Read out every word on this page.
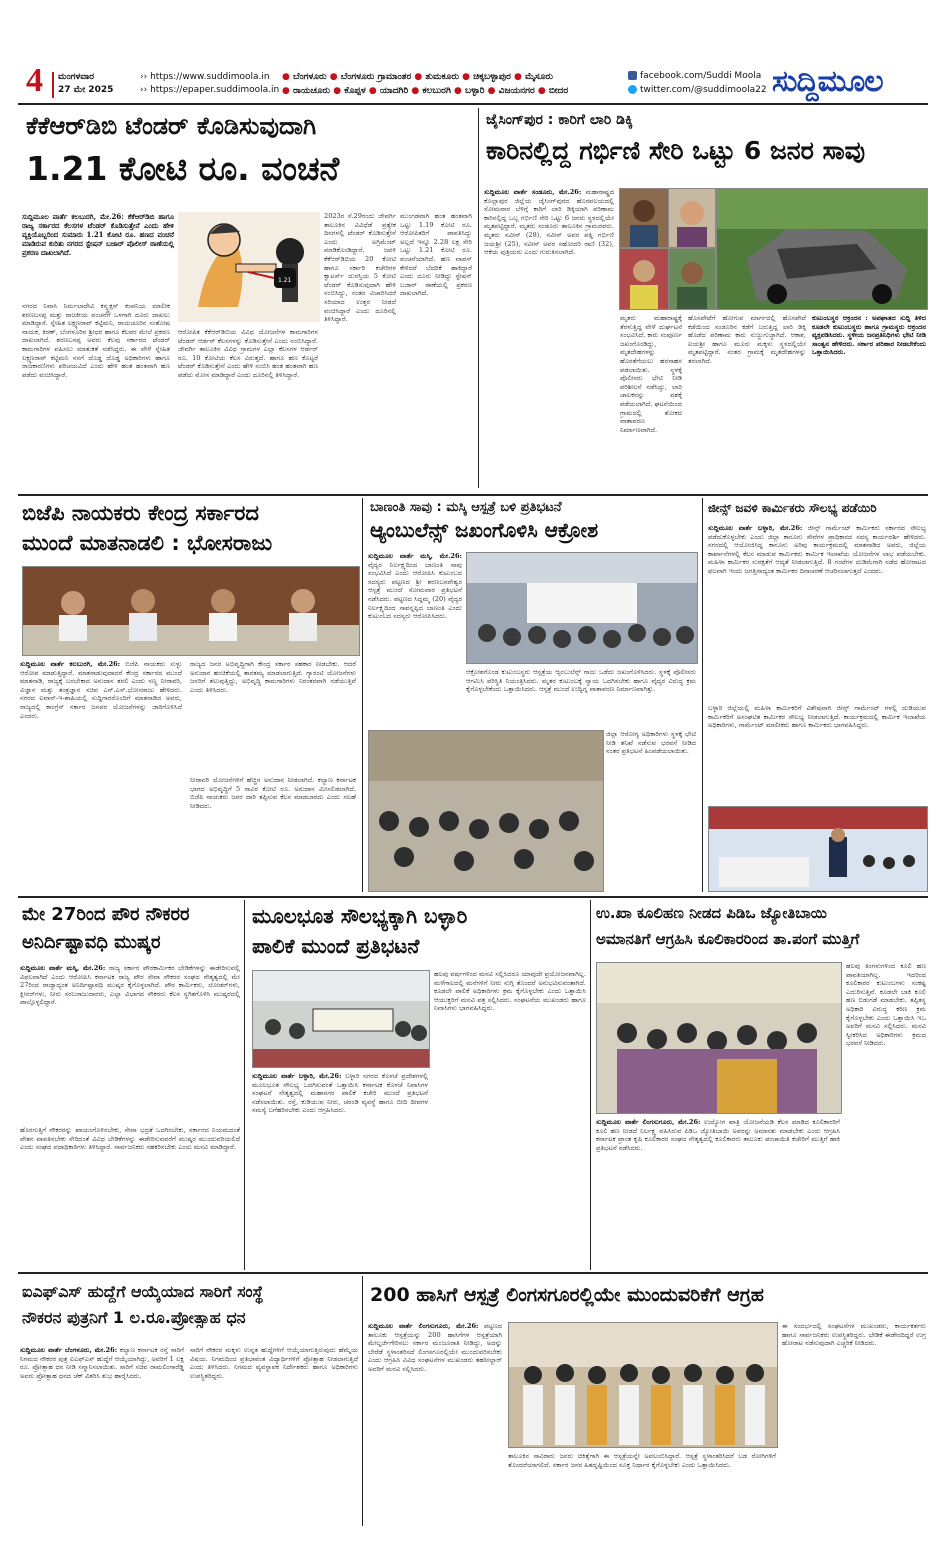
4 ಮಂಗಳವಾರ
27 ಮೇ 2025
›› https://www.suddimoola.in
›› https://epaper.suddimoola.in
● ಬೆಂಗಳೂರು ● ಬೆಂಗಳೂರು ಗ್ರಾಮಾಂತರ ● ತುಮಕೂರು ● ಚಿಕ್ಕಬಳ್ಳಾಪುರ ● ಮೈಸೂರು
● ರಾಯಚೂರು ● ಕೊಪ್ಪಳ ● ಯಾದಗಿರಿ ● ಕಲಬುರಗಿ ● ಬಳ್ಳಾರಿ ● ವಿಜಯನಗರ ● ಬೀದರ
facebook.com/Suddi Moola
twitter.com/@suddimoola22 ಸುದ್ದಿಮೂಲ
ಕೆಕೆಆರ್‌ಡಿಬಿ ಟೆಂಡರ್ ಕೊಡಿಸುವುದಾಗಿ
1.21 ಕೋಟಿ ರೂ. ವಂಚನೆ
ಸುದ್ದಿಮೂಲ ವಾರ್ತೆ ಕಲಬುರಗಿ, ಮೇ.26: ಕೆಕೆಆರ್‌ಡಿಬಿ ಹಾಗೂ ರಾಜ್ಯ ಸರ್ಕಾರದ ಕೆಲಸಗಳ ಟೆಂಡರ್ ಕೊಡಿಸುತ್ತೇನೆ ಎಂದು ಹೇಳಿ ವ್ಯಕ್ತಿಯೊಬ್ಬರಿಂದ ಸುಮಾರು 1.21 ಕೋಟಿ ರೂ. ಹಣದ ವಂಚನೆ ಮಾಡಿರುವ ಕುರಿತು ನಗರದ ಸ್ಟೇಷನ್ ಬಜಾರ್ ಪೊಲೀಸ್ ಠಾಣೆಯಲ್ಲಿ ಪ್ರಕರಣ ದಾಖಲಾಗಿದೆ.
1.21
ನಗರದ ನಿವಾಸಿ ನಿರ್ಮಲಾದೇವಿ ಕನ್ಸ್ಟ್ರಕ್ಷನ್ ಕಂಪನಿಯ ಮಾಲೀಕ ಶರಣಬಸಪ್ಪ ಮತ್ತು ರಾಜಕೀಯ ವಂಚನೆಗೆ ಒಳಗಾಗಿ ದೂರು ದಾಖಲು ಮಾಡಿದ್ದಾರೆ. ಸ್ನೇಹಿತ ಲಕ್ಷ್ಮಣರಾವ್ ಕಟ್ಟಿಮನಿ, ರಾಯಚೂರಿನ ಸಂತೋಷ ನಾಯಕ, ಕಿರಣ್, ಬೆಂಗಳೂರಿನ ಶ್ರೀಧರ ಹಾಗೂ ಕೆಲವರ ಮೇಲೆ ಪ್ರಕರಣ ದಾಖಲಾಗಿದೆ. ಶರಣಬಸಪ್ಪ ಅವರು ಕೆಲವು ಸರ್ಕಾರದ ಟೆಂಡರ್ ಕಾಮಗಾರಿಗಳ ವಹಿಸಲು ಮಾತುಕತೆ ನಡೆಸಿದ್ದರು. ಈ ವೇಳೆ ಸ್ನೇಹಿತ ಲಕ್ಷ್ಮಣರಾವ್ ಕಟ್ಟಿಮನಿ ನನಗೆ ದೊಡ್ಡ ದೊಡ್ಡ ಅಧಿಕಾರಿಗಳು ಹಾಗೂ ರಾಜಕಾರಣಿಗಳು ಪರಿಚಯವಿದೆ ಎಂದು ಹೇಳಿ ಹಂತ ಹಂತವಾಗಿ ಹಣ ಪಡೆದು ವಂಚಿಸಿದ್ದಾರೆ.
ಆರೋಪಿತ ಕೆಕೆಆರ್‌ಡಿಬಿಯ ವಿವಿಧ ಯೋಜನೆಗಳ ಕಾಮಗಾರಿಗಳ ಟೆಂಡರ್ ಆರ್ಡರ್ ಕೆಲಸಗಳನ್ನು ಕೊಡಿಸುತ್ತೇನೆ ಎಂದು ನಂಬಿಸಿದ್ದಾರೆ. ಜೇವರ್ಗಿ ತಾಲೂಕಿನ ವಿವಿಧ ಗ್ರಾಮಗಳ ಎಲ್ಲಾ ಕೆಲಸಗಳ ಆರ್ಡರ್ ರೂ. 10 ಕೋಟಿಯ ಕೆಲಸ ವಿರುತ್ತದೆ. ಹಾಗೂ ಹಣ ಕೊಟ್ಟರೆ ಟೆಂಡರ್ ಕೊಡಿಸುತ್ತೇನೆ ಎಂದು ಹೇಳಿ ನಂಬಿಸಿ ಹಂತ ಹಂತವಾಗಿ ಹಣ ಪಡೆದು ಮೋಸ ಮಾಡಿದ್ದಾರೆ ಎಂದು ದೂರಿನಲ್ಲಿ ತಿಳಿಸಿದ್ದಾರೆ.
2023ರ ಸೆ.29ರಂದು ಜೇವರ್ಗಿ ತಾಲೂಕಿನ ವಿವಿಧೆಡೆ ಪ್ರತ್ಯೇಕ ದಿನಗಳಲ್ಲಿ ಟೆಂಡರ್ ಕೊಡಿಸುತ್ತೇನೆ ಎಂದು ಅಗ್ರಿಮೆಂಟ್ ಮಾಡಿಕೊಂಡಿದ್ದಾರೆ. ಜವಳಿ ಕೆಕೆಆರ್‌ಡಿಬಿಯ 20 ಕೋಟಿ ಹಾಗೂ ಸರ್ಕಾರಿ ಕಚೇರಿಗಳ ಕ್ವಾಟರ್ಸ್ ದುರಸ್ತಿಯ 5 ಕೋಟಿ ಟೆಂಡರ್ ಕೊಡಿಸುವುದಾಗಿ ಹೇಳಿ ನಂಬಿಸಿದ್ದು, ನಂತರ ವಿಚಾರಿಸಿದರೆ ಸರಿಯಾದ ಉತ್ತರ ನೀಡದೆ ವಂಚಿಸಿದ್ದಾರೆ ಎಂದು ದೂರಿನಲ್ಲಿ ತಿಳಿಸಿದ್ದಾರೆ.
ಮುಂಗಡವಾಗಿ ಹಂತ ಹಂತವಾಗಿ ಒಟ್ಟು 1.19 ಕೋಟಿ ರೂ. ಆರೋಪಿತರಿಗೆ ಪಾವತಿಸಿದ್ದು ಅಲ್ಲದೆ ಇನ್ನೂ 2.28 ಲಕ್ಷ ಸೇರಿ ಒಟ್ಟು 1.21 ಕೋಟಿ ರೂ. ವಂಚನೆಯಾಗಿದೆ. ಹಣ ವಾಪಸ್ ಕೇಳಿದರೆ ಬೆದರಿಕೆ ಹಾಕಿದ್ದಾರೆ ಎಂದು ದೂರು ನೀಡಿದ್ದು ಸ್ಟೇಷನ್ ಬಜಾರ್ ಠಾಣೆಯಲ್ಲಿ ಪ್ರಕರಣ ದಾಖಲಾಗಿದೆ.
ಜೈಸಿಂಗ್‌ಪುರ : ಕಾರಿಗೆ ಲಾರಿ ಡಿಕ್ಕಿ
ಕಾರಿನಲ್ಲಿದ್ದ ಗರ್ಭಿಣಿ ಸೇರಿ ಒಟ್ಟು 6 ಜನರ ಸಾವು
ಸುದ್ದಿಮೂಲ ವಾರ್ತೆ ಸಂಡೂರು, ಮೇ.26: ಮಹಾರಾಷ್ಟ್ರದ ಕೊಲ್ಲಾಪುರ ಜಿಲ್ಲೆಯ ಜೈಸಿಂಗ್‌ಪುರದ ಹೊರವಲಯದಲ್ಲಿ ಸೋಮವಾರ ಬೆಳಿಗ್ಗೆ ಕಾರಿಗೆ ಲಾರಿ ಡಿಕ್ಕಿಯಾಗಿ ಪರಿಣಾಮ ಕಾರಿನಲ್ಲಿದ್ದ ಒಬ್ಬ ಗರ್ಭಿಣಿ ಸೇರಿ ಒಟ್ಟು 6 ಜನರು ಸ್ಥಳದಲ್ಲಿಯೇ ಮೃತಪಟ್ಟಿದ್ದಾರೆ. ಮೃತರು ಸಂಡೂರು ತಾಲೂಕಿನ ಗ್ರಾಮದವರು. ಮೃತರು ನವೀನ್ (28), ನವೀನ್ ಅವರ ಪತ್ನಿ ಗರ್ಭಿಣಿ ಜಯಶ್ರೀ (25), ನವೀನ್ ಅವರ ಸಹೋದರಿ ರಾಣಿ (32), ಆಕೆಯ ಪುತ್ರಿಯರು ಎಂದು ಗುರುತಿಸಲಾಗಿದೆ.
ಮೃತರು ಮಹಾರಾಷ್ಟ್ರಕ್ಕೆ ತೆರಳುತ್ತಿದ್ದ ವೇಳೆ ದುರ್ಘಟನೆ ಸಂಭವಿಸಿದೆ. ಕಾರು ಸಂಪೂರ್ಣ ಜಖಂಗೊಂಡಿದ್ದು, ಮೃತದೇಹಗಳನ್ನು ಹೊರತೆಗೆಯಲು ಹರಸಾಹಸ ಪಡಲಾಯಿತು. ಸ್ಥಳಕ್ಕೆ ಪೊಲೀಸರು ಭೇಟಿ ನೀಡಿ ಪರಿಶೀಲನೆ ನಡೆಸಿದ್ದು, ಲಾರಿ ಚಾಲಕನನ್ನು ವಶಕ್ಕೆ ಪಡೆಯಲಾಗಿದೆ. ಘಟನೆಯಿಂದ ಗ್ರಾಮದಲ್ಲಿ ಶೋಕದ ವಾತಾವರಣ ನಿರ್ಮಾಣವಾಗಿದೆ.
ಹೊಸಪೇಟೆಗೆ ಹೋಗುವ ಮಾರ್ಗದಲ್ಲಿ ಹೊಸಪೇಟೆ ಕಡೆಯಿಂದ ಸಂಡೂರಿನ ಕಡೆಗೆ ಬರುತ್ತಿದ್ದ ಲಾರಿ ಡಿಕ್ಕಿ ಹೊಡೆದ ಪರಿಣಾಮ ಕಾರು ನುಜ್ಜುಗುಜ್ಜಾಗಿದೆ. ಆಕಾಶ, ಐಯಶ್ರೀ ಹಾಗೂ ಮೂರು ಮಕ್ಕಳು ಸ್ಥಳದಲ್ಲಿಯೇ ಮೃತಪಟ್ಟಿದ್ದಾರೆ. ನಂತರ ಗ್ರಾಮಕ್ಕೆ ಮೃತದೇಹಗಳನ್ನು ತರಲಾಗಿದೆ.
ಕುಟುಂಬಸ್ಥರ ಆಕ್ರಂದನ : ಅಪಘಾತದ ಸುದ್ದಿ ತಿಳಿದ ಕೂಡಲೇ ಕುಟುಂಬಸ್ಥರು ಹಾಗೂ ಗ್ರಾಮಸ್ಥರು ಆಕ್ರಂದನ ವ್ಯಕ್ತಪಡಿಸಿದರು. ಸ್ಥಳೀಯ ಜನಪ್ರತಿನಿಧಿಗಳು ಭೇಟಿ ನೀಡಿ ಸಾಂತ್ವನ ಹೇಳಿದರು. ಸರ್ಕಾರ ಪರಿಹಾರ ನೀಡಬೇಕೆಂದು ಒತ್ತಾಯಿಸಿದರು.
ಬಿಜೆಪಿ ನಾಯಕರು ಕೇಂದ್ರ ಸರ್ಕಾರದ
ಮುಂದೆ ಮಾತನಾಡಲಿ : ಭೋಸರಾಜು
ಸುದ್ದಿಮೂಲ ವಾರ್ತೆ ಕಲಬುರಗಿ, ಮೇ.26: ಬಿಜೆಪಿ ನಾಯಕರು ಸುಳ್ಳು ಆರೋಪ ಮಾಡುತ್ತಿದ್ದಾರೆ. ಮಾತನಾಡುವುದಾದರೆ ಕೇಂದ್ರ ಸರ್ಕಾರದ ಮುಂದೆ ಮಾತನಾಡಿ, ರಾಜ್ಯಕ್ಕೆ ಬರಬೇಕಾದ ಅನುದಾನ ತರಲಿ ಎಂದು ಸಣ್ಣ ನೀರಾವರಿ, ವಿಜ್ಞಾನ ಮತ್ತು ತಂತ್ರಜ್ಞಾನ ಸಚಿವ ಎನ್.ಎಸ್.ಭೋಸರಾಜು ಹೇಳಿದರು. ನಗರದ ಐವಾನ್-ಇ-ಶಾಹಿಯಲ್ಲಿ ಸುದ್ದಿಗಾರರೊಂದಿಗೆ ಮಾತನಾಡಿದ ಅವರು, ರಾಜ್ಯದಲ್ಲಿ ಕಾಂಗ್ರೆಸ್ ಸರ್ಕಾರ ಜನಪರ ಯೋಜನೆಗಳನ್ನು ಜಾರಿಗೊಳಿಸಿದೆ ಎಂದರು.
ರಾಜ್ಯದ ಜನರ ಅಭಿವೃದ್ಧಿಗಾಗಿ ಕೇಂದ್ರ ಸರ್ಕಾರ ಸಹಕಾರ ನೀಡಬೇಕು. ಆದರೆ ಅನುದಾನ ಹಂಚಿಕೆಯಲ್ಲಿ ತಾರತಮ್ಯ ಮಾಡಲಾಗುತ್ತಿದೆ. ಗ್ಯಾರಂಟಿ ಯೋಜನೆಗಳು ಜನರಿಗೆ ತಲುಪುತ್ತಿದ್ದು, ಅಭಿವೃದ್ಧಿ ಕಾಮಗಾರಿಗಳು ನಿರಂತರವಾಗಿ ನಡೆಯುತ್ತಿವೆ ಎಂದು ತಿಳಿಸಿದರು.
ನೀರಾವರಿ ಯೋಜನೆಗಳಿಗೆ ಹೆಚ್ಚಿನ ಅನುದಾನ ನೀಡಲಾಗಿದೆ. ಕಲ್ಯಾಣ ಕರ್ನಾಟಕ ಭಾಗದ ಅಭಿವೃದ್ಧಿಗೆ 5 ಸಾವಿರ ಕೋಟಿ ರೂ. ಅನುದಾನ ಮೀಸಲಿಡಲಾಗಿದೆ. ಬಿಜೆಪಿ ನಾಯಕರು ಜನರ ದಾರಿ ತಪ್ಪಿಸುವ ಕೆಲಸ ಮಾಡಬಾರದು ಎಂದು ಸಲಹೆ ನೀಡಿದರು.
ಬಾಣಂತಿ ಸಾವು : ಮಸ್ಕಿ ಆಸ್ಪತ್ರೆ ಬಳಿ ಪ್ರತಿಭಟನೆ
ಆ್ಯಂಬುಲೆನ್ಸ್ ಜಖಂಗೊಳಿಸಿ ಆಕ್ರೋಶ
ಸುದ್ದಿಮೂಲ ವಾರ್ತೆ ಮಸ್ಕಿ, ಮೇ.26: ವೈದ್ಯರ ನಿರ್ಲಕ್ಷ್ಯದಿಂದ ಬಾಣಂತಿ ಸಾವು ಸಂಭವಿಸಿದೆ ಎಂದು ಆರೋಪಿಸಿ ಕುಟುಂಬದ ಸದಸ್ಯರು ಪಟ್ಟಣದ ಶ್ರೀ ಶರಣಬಸವೇಶ್ವರ ಆಸ್ಪತ್ರೆ ಮುಂದೆ ಸೋಮವಾರ ಪ್ರತಿಭಟನೆ ನಡೆಸಿದರು. ಪಟ್ಟಣದ ಸಿದ್ದಮ್ಮ (20) ವೈದ್ಯರ ನಿರ್ಲಕ್ಷ್ಯದಿಂದ ಸಾವನ್ನಪ್ಪಿದ ಬಾಣಂತಿ ಎಂದು ಕುಟುಂಬದ ಸದಸ್ಯರು ಆರೋಪಿಸಿದರು.
ಆಕ್ರೋಶಗೊಂಡ ಕುಟುಂಬಸ್ಥರು ಆಸ್ಪತ್ರೆಯ ಆ್ಯಂಬುಲೆನ್ಸ್ ಗಾಜು ಒಡೆದು ಜಖಂಗೊಳಿಸಿದರು. ಸ್ಥಳಕ್ಕೆ ಪೊಲೀಸರು ಆಗಮಿಸಿ ಪರಿಸ್ಥಿತಿ ನಿಯಂತ್ರಿಸಿದರು. ಮೃತರ ಕುಟುಂಬಕ್ಕೆ ನ್ಯಾಯ ಒದಗಿಸಬೇಕು ಹಾಗೂ ವೈದ್ಯರ ವಿರುದ್ಧ ಕ್ರಮ ಕೈಗೊಳ್ಳಬೇಕೆಂದು ಒತ್ತಾಯಿಸಿದರು. ಆಸ್ಪತ್ರೆ ಮುಂದೆ ಉದ್ವಿಗ್ನ ವಾತಾವರಣ ನಿರ್ಮಾಣವಾಗಿತ್ತು.
ಜಿಲ್ಲಾ ಆರೋಗ್ಯ ಅಧಿಕಾರಿಗಳು ಸ್ಥಳಕ್ಕೆ ಭೇಟಿ ನೀಡಿ ತನಿಖೆ ನಡೆಸುವ ಭರವಸೆ ನೀಡಿದ ನಂತರ ಪ್ರತಿಭಟನೆ ಹಿಂಪಡೆಯಲಾಯಿತು.
ಜೀನ್ಸ್ ಜವಳಿ ಕಾರ್ಮಿಕರು ಸೌಲಭ್ಯ ಪಡೆಯಿರಿ
ಸುದ್ದಿಮೂಲ ವಾರ್ತೆ ಬಳ್ಳಾರಿ, ಮೇ.26: ಜೀನ್ಸ್ ಗಾರ್ಮೆಂಟ್ ಕಾರ್ಮಿಕರು ಸರ್ಕಾರದ ಸೌಲಭ್ಯ ಪಡೆದುಕೊಳ್ಳಬೇಕು ಎಂದು ಜಿಲ್ಲಾ ಕಾನೂನು ಸೇವೆಗಳ ಪ್ರಾಧಿಕಾರದ ಸದಸ್ಯ ಕಾರ್ಯದರ್ಶಿ ಹೇಳಿದರು. ನಗರದಲ್ಲಿ ಆಯೋಜಿಸಿದ್ದ ಕಾನೂನು ಅರಿವು ಕಾರ್ಯಕ್ರಮದಲ್ಲಿ ಮಾತನಾಡಿದ ಅವರು, ಜಿಲ್ಲೆಯ ಕಾರ್ಖಾನೆಗಳಲ್ಲಿ ಕೆಲಸ ಮಾಡುವ ಕಾರ್ಮಿಕರು ಕಾರ್ಮಿಕ ಇಲಾಖೆಯ ಯೋಜನೆಗಳ ಲಾಭ ಪಡೆಯಬೇಕು. ಮಹಿಳಾ ಕಾರ್ಮಿಕರ ಸುರಕ್ಷತೆಗೆ ಆದ್ಯತೆ ನೀಡಲಾಗುತ್ತಿದೆ. 8 ಗಂಟೆಗಳ ದುಡಿಮೆಗಾಗಿ ನಡೆದ ಹೋರಾಟದ ಫಲವಾಗಿ ಇಂದು ಜಗತ್ತಿನಾದ್ಯಂತ ಕಾರ್ಮಿಕರ ದಿನಾಚರಣೆ ಆಚರಿಸಲಾಗುತ್ತದೆ ಎಂದರು.
ಬಳ್ಳಾರಿ ಜಿಲ್ಲೆಯಲ್ಲಿ ಮಹಿಳಾ ಕಾರ್ಮಿಕರಿಗೆ ವಿಶೇಷವಾಗಿ ಜೀನ್ಸ್ ಗಾರ್ಮೆಂಟ್ ಗಳಲ್ಲಿ ದುಡಿಯುವ ಕಾರ್ಮಿಕರಿಗೆ ಅಸಂಘಟಿತ ಕಾರ್ಮಿಕರ ಸೌಲಭ್ಯ ನೀಡಲಾಗುತ್ತಿದೆ. ಕಾರ್ಯಕ್ರಮದಲ್ಲಿ ಕಾರ್ಮಿಕ ಇಲಾಖೆಯ ಅಧಿಕಾರಿಗಳು, ಗಾರ್ಮೆಂಟ್ ಮಾಲೀಕರು ಹಾಗೂ ಕಾರ್ಮಿಕರು ಭಾಗವಹಿಸಿದ್ದರು.
ಮೇ 27ರಿಂದ ಪೌರ ನೌಕರರ
ಅನಿರ್ದಿಷ್ಟಾವಧಿ ಮುಷ್ಕರ
ಸುದ್ದಿಮೂಲ ವಾರ್ತೆ ಮಸ್ಕಿ, ಮೇ.26: ರಾಜ್ಯ ಸರ್ಕಾರ ಪೌರಕಾರ್ಮಿಕರ ಬೇಡಿಕೆಗಳನ್ನು ಈಡೇರಿಸುವಲ್ಲಿ ವಿಫಲವಾಗಿದೆ ಎಂದು ಆರೋಪಿಸಿ ಕರ್ನಾಟಕ ರಾಜ್ಯ ಪೌರ ಸೇವಾ ನೌಕರರ ಸಂಘದ ನೇತೃತ್ವದಲ್ಲಿ ಮೇ 27ರಿಂದ ರಾಜ್ಯಾದ್ಯಂತ ಅನಿರ್ದಿಷ್ಟಾವಧಿ ಮುಷ್ಕರ ಕೈಗೊಳ್ಳಲಾಗಿದೆ. ಪೌರ ಕಾರ್ಮಿಕರು, ಲೋಡರ್‌ಗಳು, ಕ್ಲೀನರ್‌ಗಳು, ನೀರು ಸರಬರಾಜುದಾರರು, ಎಲ್ಲಾ ವಿಭಾಗದ ನೌಕರರು ಕೆಲಸ ಸ್ಥಗಿತಗೊಳಿಸಿ ಮುಷ್ಕರದಲ್ಲಿ ಪಾಲ್ಗೊಳ್ಳಲಿದ್ದಾರೆ.
ಹೊರಗುತ್ತಿಗೆ ನೌಕರರನ್ನು ಖಾಯಂಗೊಳಿಸಬೇಕು, ಸೇವಾ ಭದ್ರತೆ ಒದಗಿಸಬೇಕು, ಸರ್ಕಾರದ ನಿಯಮದಂತೆ ವೇತನ ಪಾವತಿಸಬೇಕು ಸೇರಿದಂತೆ ವಿವಿಧ ಬೇಡಿಕೆಗಳನ್ನು ಈಡೇರಿಸುವವರೆಗೆ ಮುಷ್ಕರ ಮುಂದುವರಿಯಲಿದೆ ಎಂದು ಸಂಘದ ಪದಾಧಿಕಾರಿಗಳು ತಿಳಿಸಿದ್ದಾರೆ. ಸಾರ್ವಜನಿಕರು ಸಹಕರಿಸಬೇಕು ಎಂದು ಮನವಿ ಮಾಡಿದ್ದಾರೆ.
ಮೂಲಭೂತ ಸೌಲಭ್ಯಕ್ಕಾಗಿ ಬಳ್ಳಾರಿ
ಪಾಲಿಕೆ ಮುಂದೆ ಪ್ರತಿಭಟನೆ
ಸುದ್ದಿಮೂಲ ವಾರ್ತೆ ಬಳ್ಳಾರಿ, ಮೇ.26: ಬಳ್ಳಾರಿ ನಗರದ ಕೊಳಚೆ ಪ್ರದೇಶಗಳಲ್ಲಿ ಮೂಲಭೂತ ಸೌಲಭ್ಯ ಒದಗಿಸುವಂತೆ ಒತ್ತಾಯಿಸಿ ಕರ್ನಾಟಕ ಕೊಳಚೆ ನಿವಾಸಿಗಳ ಸಂಘಟನೆ ನೇತೃತ್ವದಲ್ಲಿ ಮಹಾನಗರ ಪಾಲಿಕೆ ಕಚೇರಿ ಮುಂದೆ ಪ್ರತಿಭಟನೆ ನಡೆಸಲಾಯಿತು. ರಸ್ತೆ, ಕುಡಿಯುವ ನೀರು, ಚರಂಡಿ ವ್ಯವಸ್ಥೆ ಹಾಗೂ ಬೀದಿ ದೀಪಗಳ ಸಮಸ್ಯೆ ಬಗೆಹರಿಸಬೇಕು ಎಂದು ಆಗ್ರಹಿಸಿದರು.
ಹಲವು ವರ್ಷಗಳಿಂದ ಮನವಿ ಸಲ್ಲಿಸಿದರೂ ಯಾವುದೇ ಪ್ರಯೋಜನವಾಗಿಲ್ಲ. ಮಳೆಗಾಲದಲ್ಲಿ ಮನೆಗಳಿಗೆ ನೀರು ನುಗ್ಗಿ ತೊಂದರೆ ಅನುಭವಿಸುವಂತಾಗಿದೆ. ಕೂಡಲೇ ಪಾಲಿಕೆ ಅಧಿಕಾರಿಗಳು ಕ್ರಮ ಕೈಗೊಳ್ಳಬೇಕು ಎಂದು ಒತ್ತಾಯಿಸಿ ಆಯುಕ್ತರಿಗೆ ಮನವಿ ಪತ್ರ ಸಲ್ಲಿಸಿದರು. ಸಂಘಟನೆಯ ಮುಖಂಡರು ಹಾಗೂ ನಿವಾಸಿಗಳು ಭಾಗವಹಿಸಿದ್ದರು.
ಉ.ಖಾ ಕೂಲಿಹಣ ನೀಡದ ಪಿಡಿಒ ಜ್ಯೋತಿಬಾಯಿ
ಅಮಾನತಿಗೆ ಆಗ್ರಹಿಸಿ ಕೂಲಿಕಾರರಿಂದ ತಾ.ಪಂಗೆ ಮುತ್ತಿಗೆ
ಸುದ್ದಿಮೂಲ ವಾರ್ತೆ ಲಿಂಗಸುಗೂರು, ಮೇ.26: ಉದ್ಯೋಗ ಖಾತ್ರಿ ಯೋಜನೆಯಡಿ ಕೆಲಸ ಮಾಡಿದ ಕೂಲಿಕಾರರಿಗೆ ಕೂಲಿ ಹಣ ನೀಡದೆ ನಿರ್ಲಕ್ಷ್ಯ ವಹಿಸಿರುವ ಪಿಡಿಒ ಜ್ಯೋತಿಬಾಯಿ ಅವರನ್ನು ಅಮಾನತು ಮಾಡಬೇಕು ಎಂದು ಆಗ್ರಹಿಸಿ ಕರ್ನಾಟಕ ಪ್ರಾಂತ ಕೃಷಿ ಕೂಲಿಕಾರರ ಸಂಘದ ನೇತೃತ್ವದಲ್ಲಿ ಕೂಲಿಕಾರರು ತಾಲೂಕು ಪಂಚಾಯಿತಿ ಕಚೇರಿಗೆ ಮುತ್ತಿಗೆ ಹಾಕಿ ಪ್ರತಿಭಟನೆ ನಡೆಸಿದರು.
ಹಲವು ತಿಂಗಳುಗಳಿಂದ ಕೂಲಿ ಹಣ ಪಾವತಿಯಾಗಿಲ್ಲ. ಇದರಿಂದ ಕೂಲಿಕಾರರ ಕುಟುಂಬಗಳು ಸಂಕಷ್ಟ ಎದುರಿಸುತ್ತಿವೆ. ಕೂಡಲೇ ಬಾಕಿ ಕೂಲಿ ಹಣ ಬಿಡುಗಡೆ ಮಾಡಬೇಕು. ತಪ್ಪಿತಸ್ಥ ಅಧಿಕಾರಿ ವಿರುದ್ಧ ಕಠಿಣ ಕ್ರಮ ಕೈಗೊಳ್ಳಬೇಕು ಎಂದು ಒತ್ತಾಯಿಸಿ ಇಒ ಅವರಿಗೆ ಮನವಿ ಸಲ್ಲಿಸಿದರು. ಮನವಿ ಸ್ವೀಕರಿಸಿದ ಅಧಿಕಾರಿಗಳು ಕ್ರಮದ ಭರವಸೆ ನೀಡಿದರು.
ಐಎಫ್‌ಎಸ್ ಹುದ್ದೆಗೆ ಆಯ್ಕೆಯಾದ ಸಾರಿಗೆ ಸಂಸ್ಥೆ
ನೌಕರನ ಪುತ್ರನಿಗೆ 1 ಲ.ರೂ.ಪ್ರೋತ್ಸಾಹ ಧನ
ಸುದ್ದಿಮೂಲ ವಾರ್ತೆ ಬೆಂಗಳೂರು, ಮೇ.26: ಕಲ್ಯಾಣ ಕರ್ನಾಟಕ ರಸ್ತೆ ಸಾರಿಗೆ ನಿಗಮದ ನೌಕರರ ಪುತ್ರ ಐಎಫ್‌ಎಸ್ ಹುದ್ದೆಗೆ ಆಯ್ಕೆಯಾಗಿದ್ದು, ಅವರಿಗೆ 1 ಲಕ್ಷ ರೂ. ಪ್ರೋತ್ಸಾಹ ಧನ ನೀಡಿ ಸನ್ಮಾನಿಸಲಾಯಿತು. ಸಾರಿಗೆ ಸಚಿವ ರಾಮಲಿಂಗಾರೆಡ್ಡಿ ಅವರು ಪ್ರೋತ್ಸಾಹ ಧನದ ಚೆಕ್ ವಿತರಿಸಿ ಶುಭ ಹಾರೈಸಿದರು.
ಸಾರಿಗೆ ನೌಕರರ ಮಕ್ಕಳು ಉನ್ನತ ಹುದ್ದೆಗಳಿಗೆ ಆಯ್ಕೆಯಾಗುತ್ತಿರುವುದು ಹೆಮ್ಮೆಯ ವಿಷಯ. ನಿಗಮದಿಂದ ಪ್ರತಿಭಾವಂತ ವಿದ್ಯಾರ್ಥಿಗಳಿಗೆ ಪ್ರೋತ್ಸಾಹ ನೀಡಲಾಗುತ್ತಿದೆ ಎಂದು ತಿಳಿಸಿದರು. ನಿಗಮದ ವ್ಯವಸ್ಥಾಪಕ ನಿರ್ದೇಶಕರು ಹಾಗೂ ಅಧಿಕಾರಿಗಳು ಉಪಸ್ಥಿತರಿದ್ದರು.
200 ಹಾಸಿಗೆ ಆಸ್ಪತ್ರೆ ಲಿಂಗಸಗೂರಲ್ಲಿಯೇ ಮುಂದುವರಿಕೆಗೆ ಆಗ್ರಹ
ಸುದ್ದಿಮೂಲ ವಾರ್ತೆ ಲಿಂಗಸುಗೂರು, ಮೇ.26: ಪಟ್ಟಣದ ತಾಲೂಕು ಆಸ್ಪತ್ರೆಯನ್ನು 200 ಹಾಸಿಗೆಗಳ ಆಸ್ಪತ್ರೆಯಾಗಿ ಮೇಲ್ದರ್ಜೆಗೇರಿಸಲು ಸರ್ಕಾರ ಮಂಜೂರಾತಿ ನೀಡಿದ್ದು, ಅದನ್ನು ಬೇರೆಡೆ ಸ್ಥಳಾಂತರಿಸದೆ ಲಿಂಗಸಗೂರಲ್ಲಿಯೇ ಮುಂದುವರಿಸಬೇಕು ಎಂದು ಆಗ್ರಹಿಸಿ ವಿವಿಧ ಸಂಘಟನೆಗಳ ಮುಖಂಡರು ತಹಸೀಲ್ದಾರ್ ಅವರಿಗೆ ಮನವಿ ಸಲ್ಲಿಸಿದರು.
ತಾಲೂಕಿನ ಸಾವಿರಾರು ಜನರು ಚಿಕಿತ್ಸೆಗಾಗಿ ಈ ಆಸ್ಪತ್ರೆಯನ್ನೇ ಅವಲಂಬಿಸಿದ್ದಾರೆ. ಆಸ್ಪತ್ರೆ ಸ್ಥಳಾಂತರಿಸಿದರೆ ಬಡ ರೋಗಿಗಳಿಗೆ ತೊಂದರೆಯಾಗಲಿದೆ. ಸರ್ಕಾರ ಜನರ ಹಿತದೃಷ್ಟಿಯಿಂದ ಸೂಕ್ತ ನಿರ್ಧಾರ ಕೈಗೊಳ್ಳಬೇಕು ಎಂದು ಒತ್ತಾಯಿಸಿದರು.
ಈ ಸಂದರ್ಭದಲ್ಲಿ ಸಂಘಟನೆಗಳ ಮುಖಂಡರು, ಕಾರ್ಯಕರ್ತರು ಹಾಗೂ ಸಾರ್ವಜನಿಕರು ಉಪಸ್ಥಿತರಿದ್ದರು. ಬೇಡಿಕೆ ಈಡೇರದಿದ್ದರೆ ಉಗ್ರ ಹೋರಾಟ ನಡೆಸುವುದಾಗಿ ಎಚ್ಚರಿಕೆ ನೀಡಿದರು.
